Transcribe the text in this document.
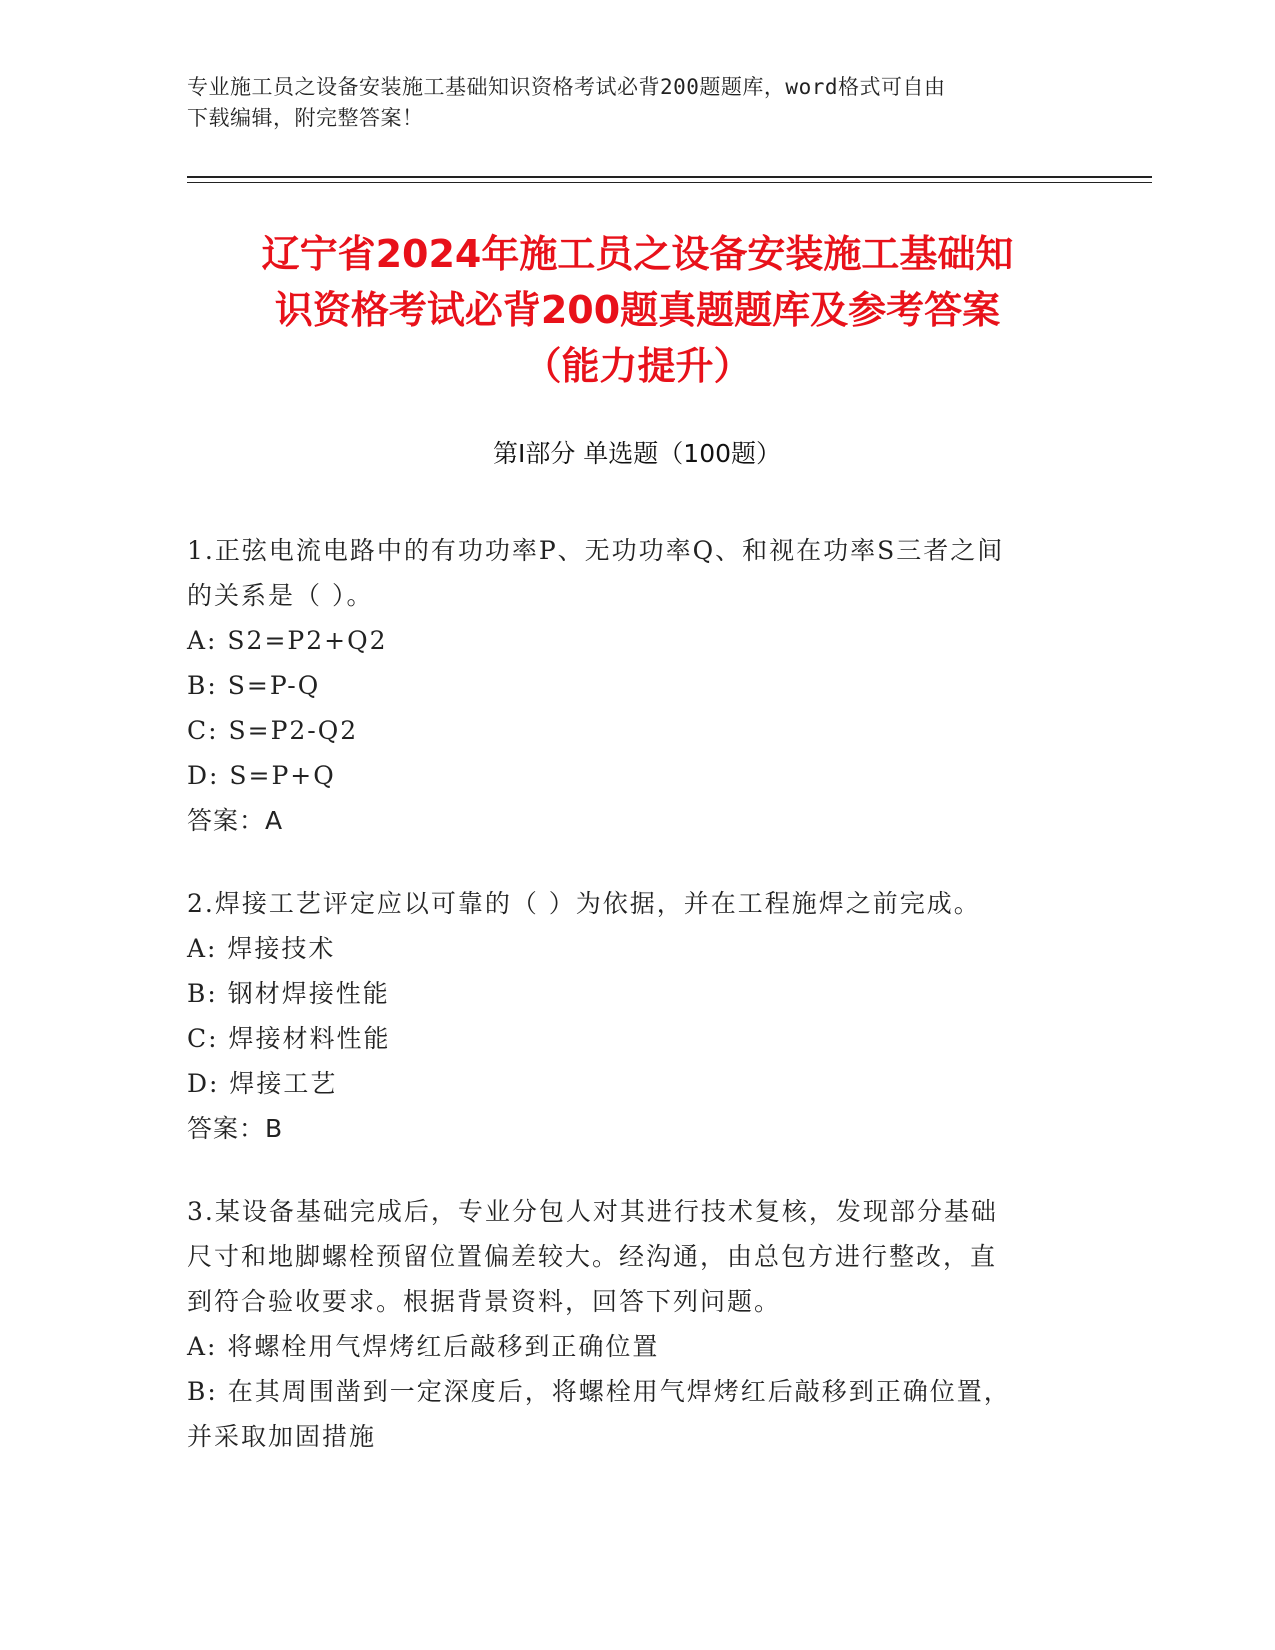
专业施工员之设备安装施工基础知识资格考试必背200题题库，word格式可自由
下载编辑，附完整答案！
辽宁省2024年施工员之设备安装施工基础知
识资格考试必背200题真题题库及参考答案
（能力提升）
第I部分 单选题（100题）

1.正弦电流电路中的有功功率P、无功功率Q、和视在功率S三者之间

的关系是（ ）。

A: S2=P2+Q2

B: S=P-Q

C: S=P2-Q2

D: S=P+Q

答案：A

2.焊接工艺评定应以可靠的（ ）为依据，并在工程施焊之前完成。

A: 焊接技术

B: 钢材焊接性能

C: 焊接材料性能

D: 焊接工艺

答案：B

3.某设备基础完成后，专业分包人对其进行技术复核，发现部分基础

尺寸和地脚螺栓预留位置偏差较大。经沟通，由总包方进行整改，直

到符合验收要求。根据背景资料，回答下列问题。

A: 将螺栓用气焊烤红后敲移到正确位置

B: 在其周围凿到一定深度后，将螺栓用气焊烤红后敲移到正确位置，

并采取加固措施
